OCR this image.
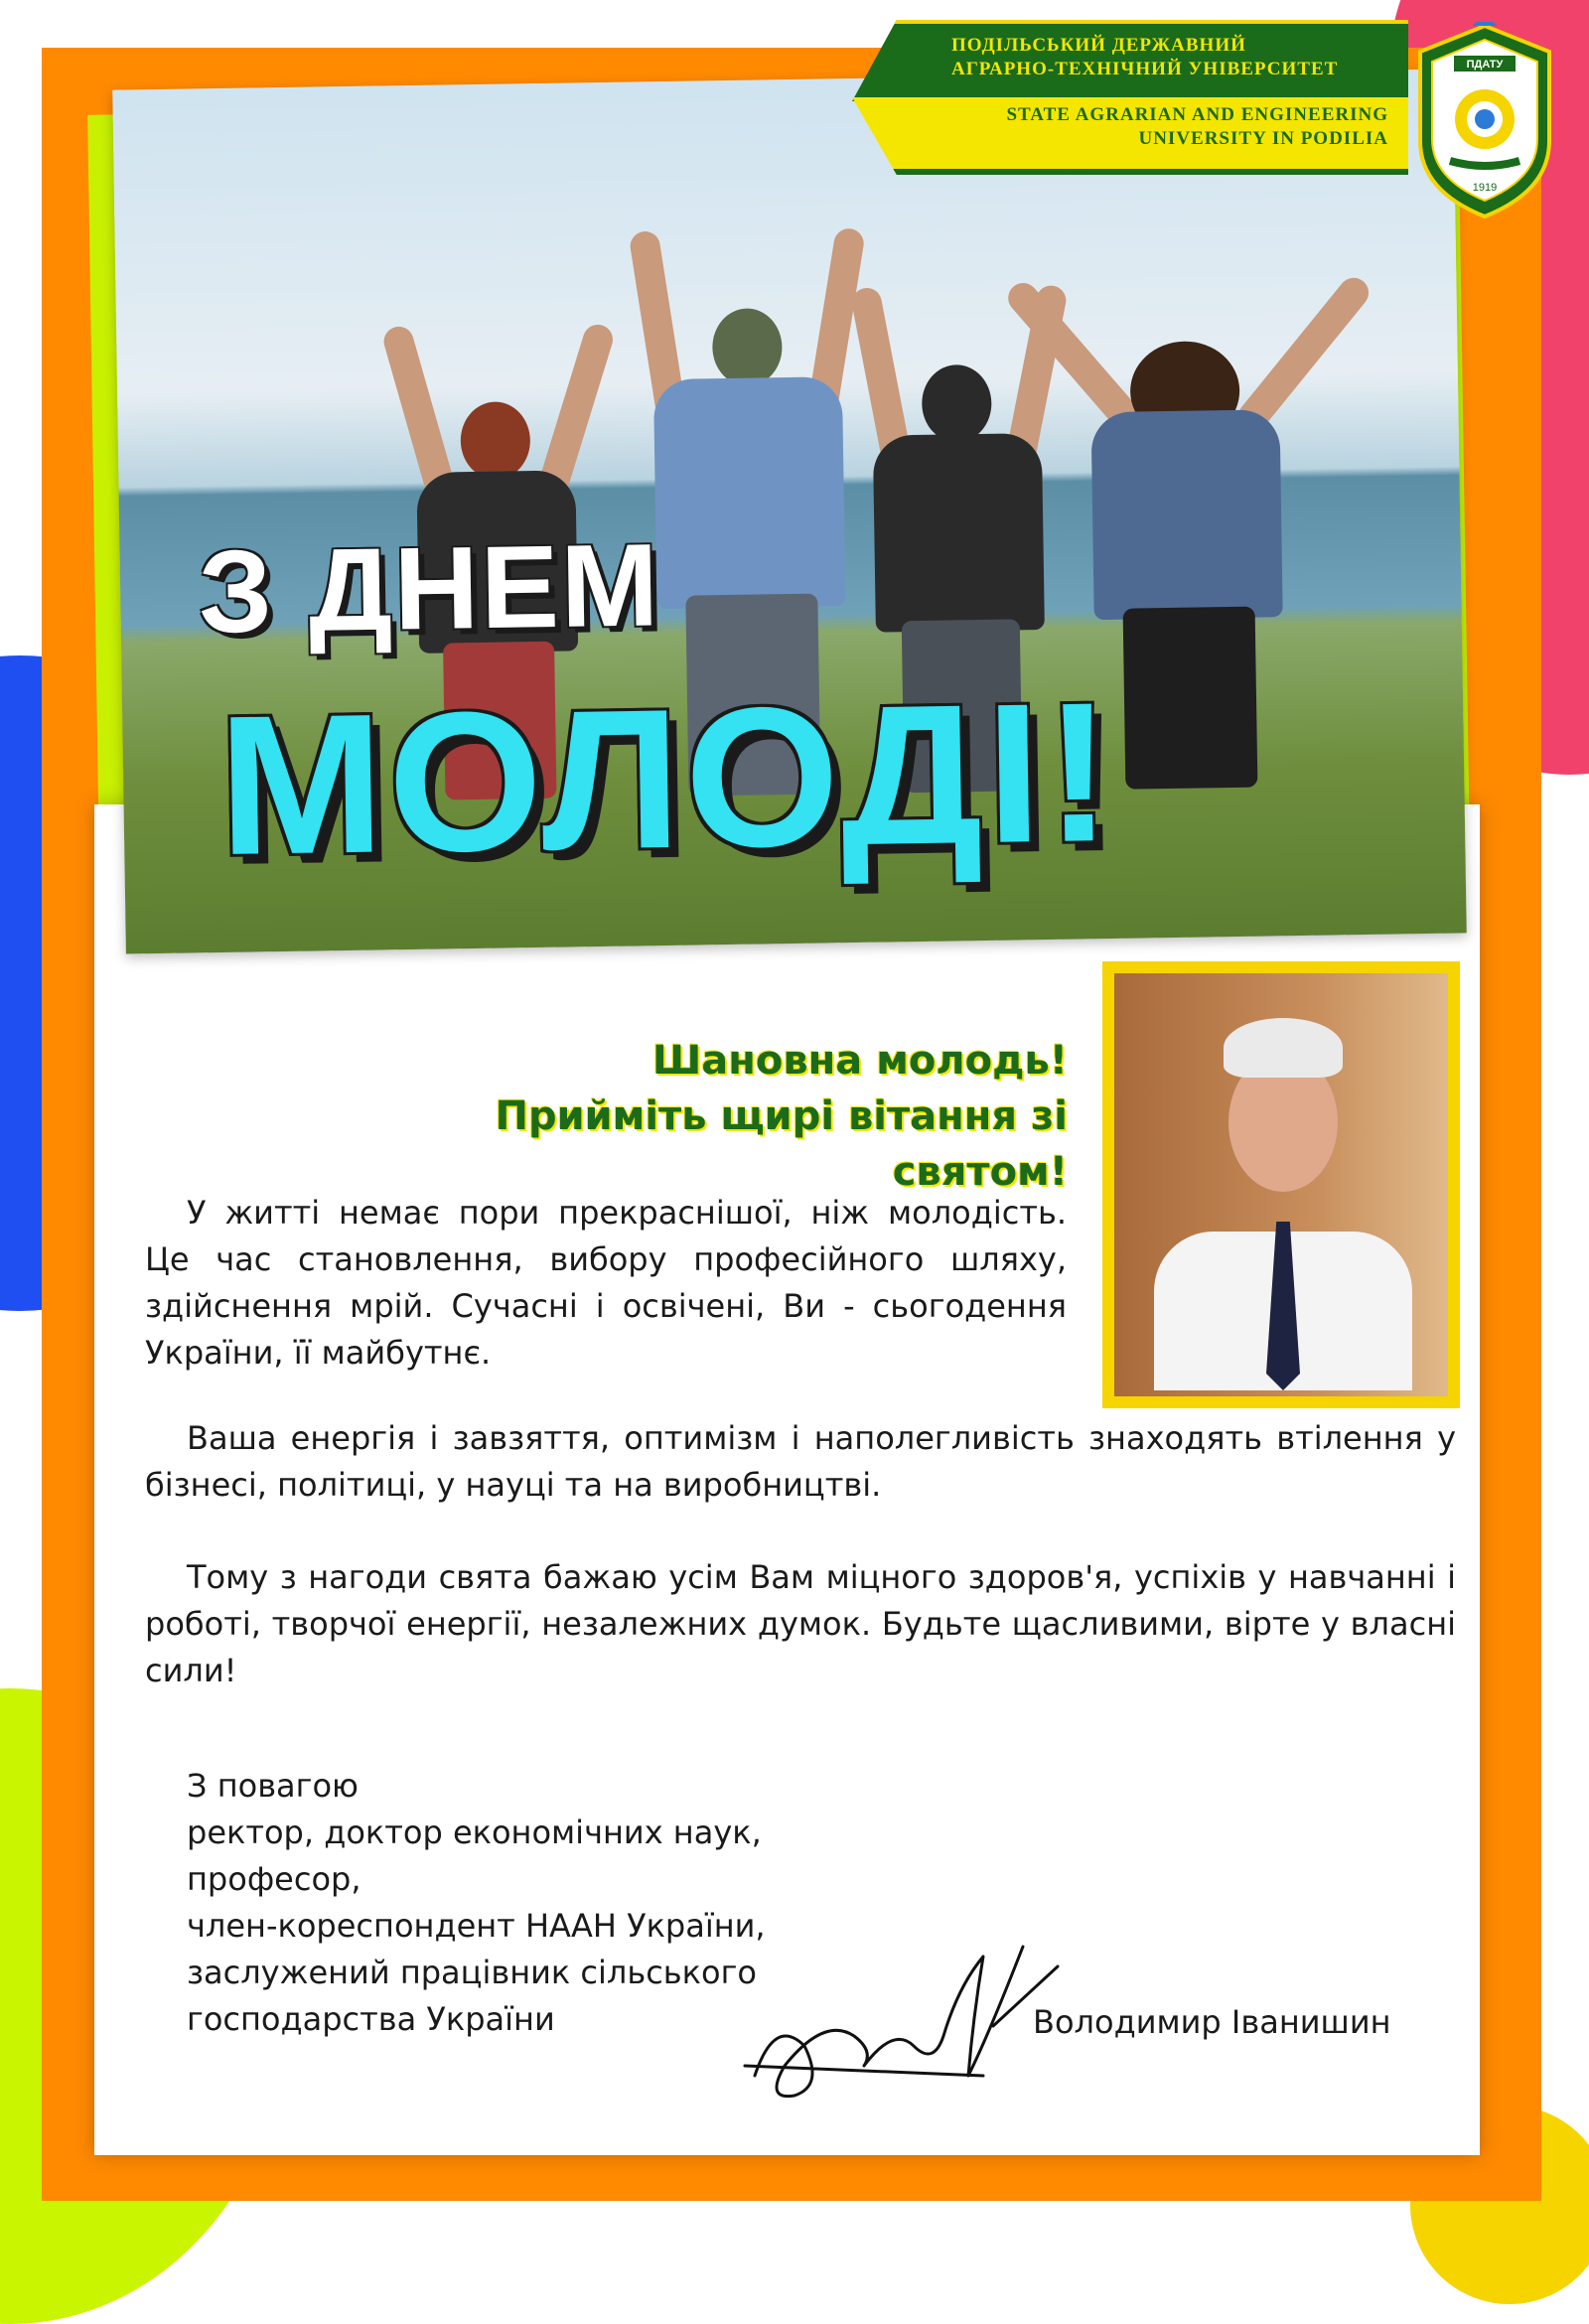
З ДНЕМ
МОЛОДІ!
ПОДІЛЬСЬКИЙ ДЕРЖАВНИЙ
АГРАРНО-ТЕХНІЧНИЙ УНІВЕРСИТЕТ
STATE AGRARIAN AND ENGINEERING
UNIVERSITY IN PODILIA
ПДАТУ
1919
Шановна молодь!
Прийміть щирі вітання зі святом!
У житті немає пори прекраснішої, ніж молодість. Це час становлення, вибору професійного шляху, здійснення мрій. Сучасні і освічені, Ви - сьогодення України, її майбутнє.
Ваша енергія і завзяття, оптимізм і наполегливість знаходять втілення у бізнесі, політиці, у науці та на виробництві.
Тому з нагоди свята бажаю усім Вам міцного здоров'я, успіхів у навчанні і роботі, творчої енергії, незалежних думок. Будьте щасливими, вірте у власні сили!
З повагою
ректор, доктор економічних наук,
професор,
член-кореспондент НААН України,
заслужений працівник сільського
господарства України	Володимир Іванишин
